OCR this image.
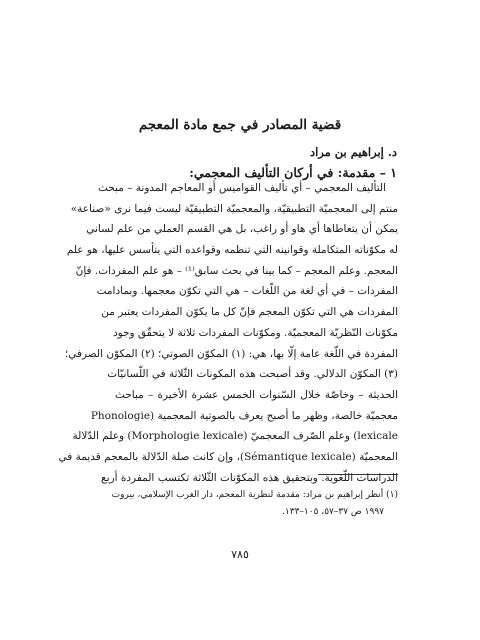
قضية المصادر في جمع مادة المعجم

د. إبراهيم بن مراد

١ – مقدمة: في أركان التأليف المعجمي:

التأليف المعجمي – أي تأليف القواميس أو المعاجم المدونة – مبحث
منتم إلى المعجميّة التطبيقيّة، والمعجميّة التطبيقيّة ليست فيما نرى «صناعة»
يمكن أن يتعاطاها أي هاو أو راغب، بل هي القسم العملي من علم لساني
له مكوّناته المتكاملة وقوانينه التي تنظمه وقواعده التي يتأسس عليها، هو علم
المعجم. وعلم المعجم – كما بينا في بحث سابق⁽¹⁾ – هو علم المفردات. فإنّ
المفردات – في أي لغة من اللّغات – هي التي تكوّن معجمها. وبمادامت
المفردات هي التي تكوّن المعجم فإنّ كل ما يكوّن المفردات يعتبر من
مكوّنات النّظريّة المعجميّة. ومكوّنات المفردات ثلاثة لا يتحقّق وجود
المفردة في اللّغة عامة إلّا بها، هي: (١) المكوّن الصوتي؛ (٢) المكوّن الصرفي؛
(٣) المكوّن الدلالي. وقد أصبحت هذه المكونات الثّلاثة في اللّسانيّات
الحديثة – وخاصّة خلال السّنوات الخمس عشرة الأخيرة – مباحث
معجميّة خالصة، وظهر ما أصبح يعرف بالصوتية المعجمية (Phonologie
lexicale) وعلم الصّرف المعجميّ (Morphologie lexicale) وعلم الدّلالة
المعجميّة (Sémantique lexicale)، وإن كانت صلة الدّلالة بالمعجم قديمة في
الدراسات اللّغوية. وبتحقيق هذه المكوّنات الثّلاثة تكتسب المفردة أربع
(١) أنظر إبراهيم بن مراد: مقدمة لنظرية المعجم، دار الغرب الإسلامي، بيروت
١٩٩٧ ص ٣٧–٥٧، ١٠٥–١٣٣.

٧٨٥
